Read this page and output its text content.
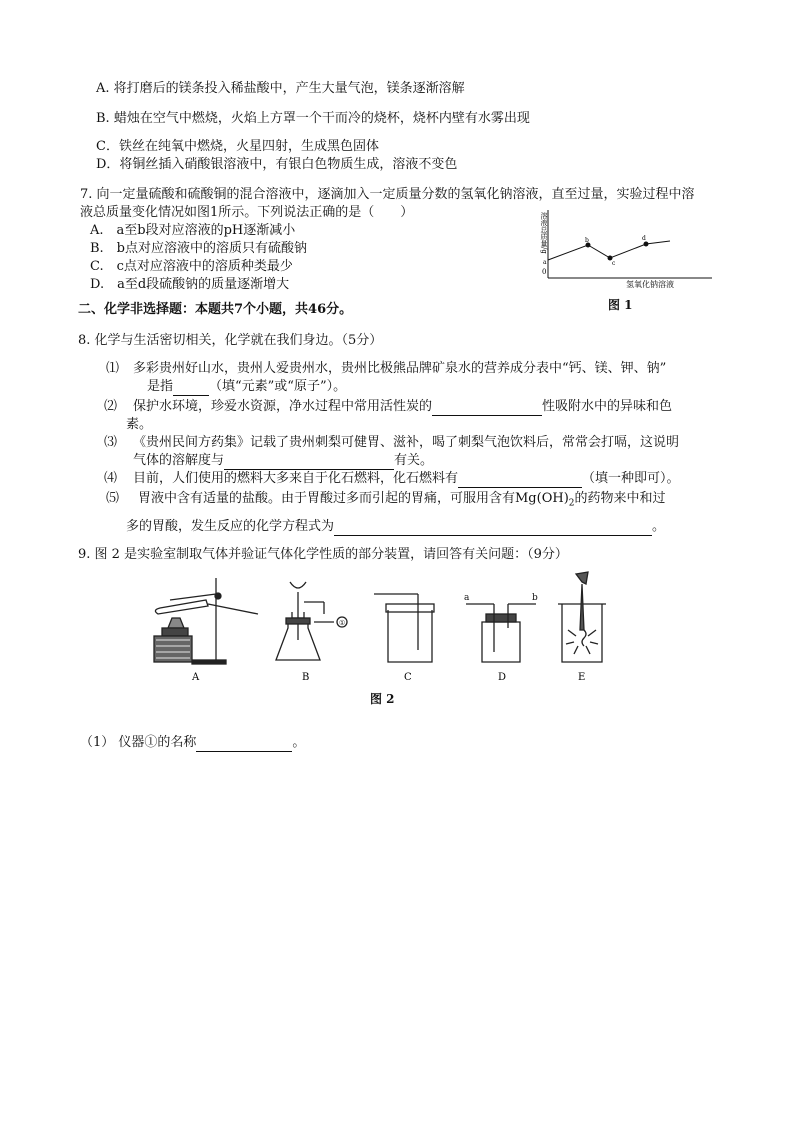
A. 将打磨后的镁条投入稀盐酸中，产生大量气泡，镁条逐渐溶解
B. 蜡烛在空气中燃烧，火焰上方罩一个干而冷的烧杯，烧杯内壁有水雾出现
C．铁丝在纯氧中燃烧，火星四射，生成黑色固体
D．将铜丝插入硝酸银溶液中，有银白色物质生成，溶液不变色
7. 向一定量硫酸和硫酸铜的混合溶液中，逐滴加入一定质量分数的氢氧化钠溶液，直至过量，实验过程中溶
液总质量变化情况如图1所示。下列说法正确的是（　　）
A.　a至b段对应溶液的pH逐渐减小
B.　b点对应溶液中的溶质只有硫酸钠
C.　c点对应溶液中的溶质种类最少
D.　a至d段硫酸钠的质量逐渐增大
0
溶液总质量/g
氢氧化钠溶液
a
b
c
d
图 1
二、化学非选择题：本题共7个小题，共46分。
8. 化学与生活密切相关，化学就在我们身边。（5分）
⑴ 多彩贵州好山水，贵州人爱贵州水，贵州比极熊品牌矿泉水的营养成分表中“钙、镁、钾、钠”
是指	（填“元素”或“原子”）。
⑵ 保护水环境，珍爱水资源，净水过程中常用活性炭的	性吸附水中的异味和色
素。
⑶ 《贵州民间方药集》记载了贵州刺梨可健胃、滋补，喝了刺梨气泡饮料后，常常会打嗝，这说明
气体的溶解度与	有关。
⑷ 目前，人们使用的燃料大多来自于化石燃料，化石燃料有	（填一种即可）。
⑸ 胃液中含有适量的盐酸。由于胃酸过多而引起的胃痛，可服用含有$Mg(OH)_2$的药物来中和过
多的胃酸，发生反应的化学方程式为	。
9. 图 2 是实验室制取气体并验证气体化学性质的部分装置，请回答有关问题：（9分）
①
a	b
A	B	C	D	E
图 2
（1） 仪器①的名称	。
